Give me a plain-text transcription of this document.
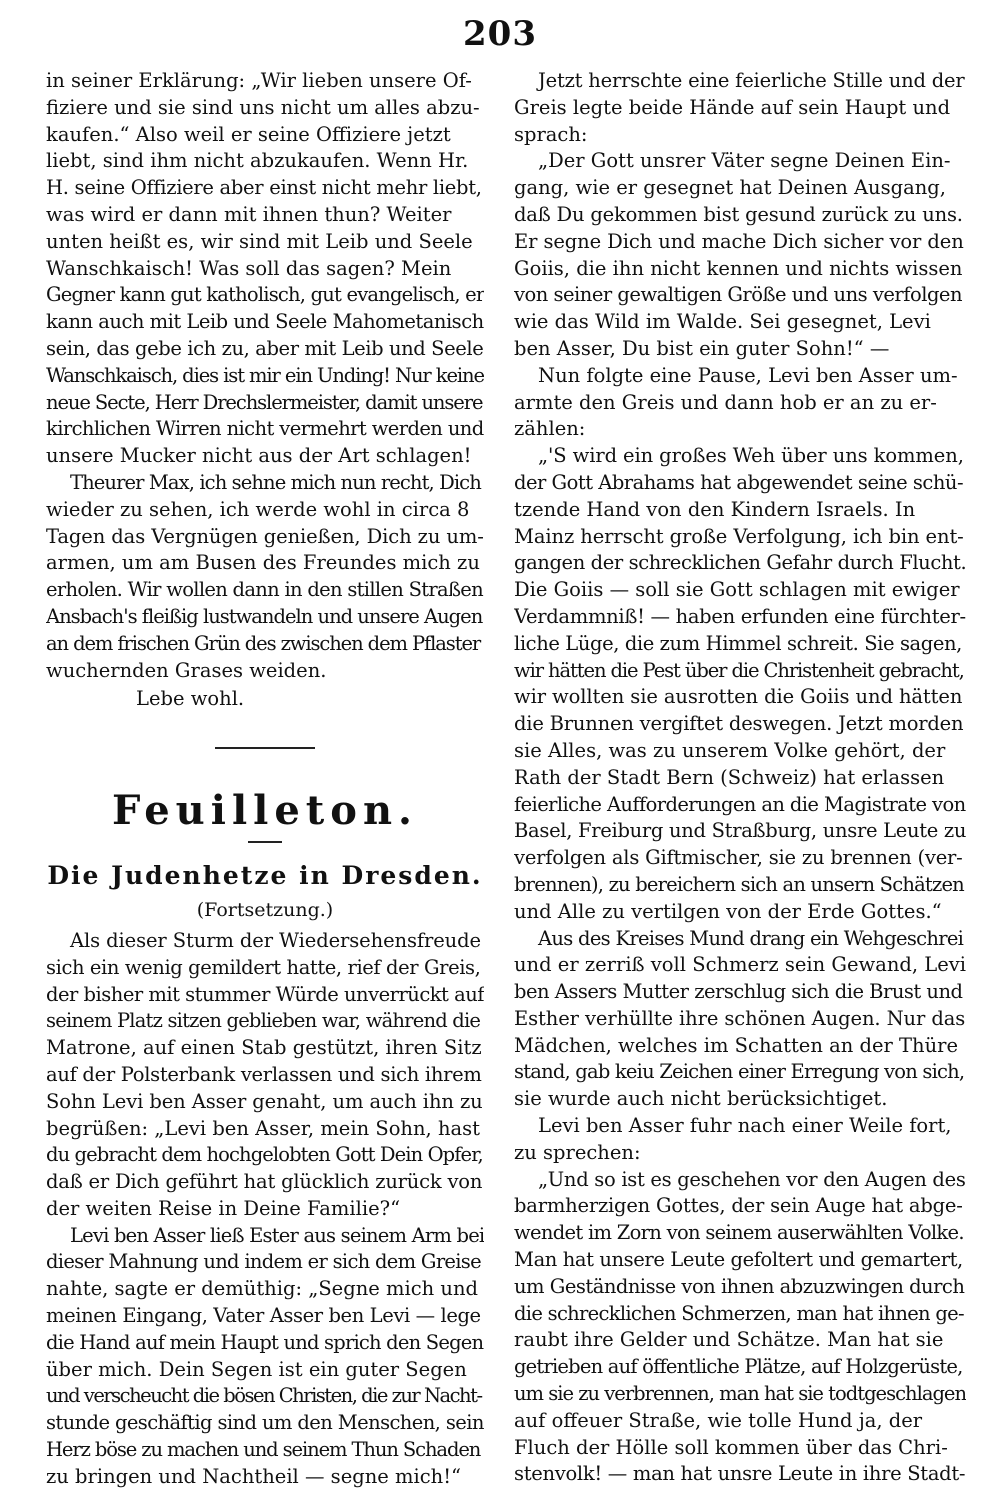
203
in seiner Erklärung: „Wir lieben unsere Of-
fiziere und sie sind uns nicht um alles abzu-
kaufen.“ Also weil er seine Offiziere jetzt
liebt, sind ihm nicht abzukaufen. Wenn Hr.
H. seine Offiziere aber einst nicht mehr liebt,
was wird er dann mit ihnen thun? Weiter
unten heißt es, wir sind mit Leib und Seele
Wanschkaisch! Was soll das sagen? Mein
Gegner kann gut katholisch, gut evangelisch, er
kann auch mit Leib und Seele Mahometanisch
sein, das gebe ich zu, aber mit Leib und Seele
Wanschkaisch, dies ist mir ein Unding! Nur keine
neue Secte, Herr Drechslermeister, damit unsere
kirchlichen Wirren nicht vermehrt werden und
unsere Mucker nicht aus der Art schlagen!
Theurer Max, ich sehne mich nun recht, Dich
wieder zu sehen, ich werde wohl in circa 8
Tagen das Vergnügen genießen, Dich zu um-
armen, um am Busen des Freundes mich zu
erholen. Wir wollen dann in den stillen Straßen
Ansbach's fleißig lustwandeln und unsere Augen
an dem frischen Grün des zwischen dem Pflaster
wuchernden Grases weiden.
Lebe wohl.
Feuilleton.
Die Judenhetze in Dresden.
(Fortsetzung.)
Als dieser Sturm der Wiedersehensfreude
sich ein wenig gemildert hatte, rief der Greis,
der bisher mit stummer Würde unverrückt auf
seinem Platz sitzen geblieben war, während die
Matrone, auf einen Stab gestützt, ihren Sitz
auf der Polsterbank verlassen und sich ihrem
Sohn Levi ben Asser genaht, um auch ihn zu
begrüßen: „Levi ben Asser, mein Sohn, hast
du gebracht dem hochgelobten Gott Dein Opfer,
daß er Dich geführt hat glücklich zurück von
der weiten Reise in Deine Familie?“
Levi ben Asser ließ Ester aus seinem Arm bei
dieser Mahnung und indem er sich dem Greise
nahte, sagte er demüthig: „Segne mich und
meinen Eingang, Vater Asser ben Levi — lege
die Hand auf mein Haupt und sprich den Segen
über mich. Dein Segen ist ein guter Segen
und verscheucht die bösen Christen, die zur Nacht-
stunde geschäftig sind um den Menschen, sein
Herz böse zu machen und seinem Thun Schaden
zu bringen und Nachtheil — segne mich!“
Jetzt herrschte eine feierliche Stille und der
Greis legte beide Hände auf sein Haupt und
sprach:
„Der Gott unsrer Väter segne Deinen Ein-
gang, wie er gesegnet hat Deinen Ausgang,
daß Du gekommen bist gesund zurück zu uns.
Er segne Dich und mache Dich sicher vor den
Goiis, die ihn nicht kennen und nichts wissen
von seiner gewaltigen Größe und uns verfolgen
wie das Wild im Walde. Sei gesegnet, Levi
ben Asser, Du bist ein guter Sohn!“ —
Nun folgte eine Pause, Levi ben Asser um-
armte den Greis und dann hob er an zu er-
zählen:
„'S wird ein großes Weh über uns kommen,
der Gott Abrahams hat abgewendet seine schü-
tzende Hand von den Kindern Israels. In
Mainz herrscht große Verfolgung, ich bin ent-
gangen der schrecklichen Gefahr durch Flucht.
Die Goiis — soll sie Gott schlagen mit ewiger
Verdammniß! — haben erfunden eine fürchter-
liche Lüge, die zum Himmel schreit. Sie sagen,
wir hätten die Pest über die Christenheit gebracht,
wir wollten sie ausrotten die Goiis und hätten
die Brunnen vergiftet deswegen. Jetzt morden
sie Alles, was zu unserem Volke gehört, der
Rath der Stadt Bern (Schweiz) hat erlassen
feierliche Aufforderungen an die Magistrate von
Basel, Freiburg und Straßburg, unsre Leute zu
verfolgen als Giftmischer, sie zu brennen (ver-
brennen), zu bereichern sich an unsern Schätzen
und Alle zu vertilgen von der Erde Gottes.“
Aus des Kreises Mund drang ein Wehgeschrei
und er zerriß voll Schmerz sein Gewand, Levi
ben Assers Mutter zerschlug sich die Brust und
Esther verhüllte ihre schönen Augen. Nur das
Mädchen, welches im Schatten an der Thüre
stand, gab keiu Zeichen einer Erregung von sich,
sie wurde auch nicht berücksichtiget.
Levi ben Asser fuhr nach einer Weile fort,
zu sprechen:
„Und so ist es geschehen vor den Augen des
barmherzigen Gottes, der sein Auge hat abge-
wendet im Zorn von seinem auserwählten Volke.
Man hat unsere Leute gefoltert und gemartert,
um Geständnisse von ihnen abzuzwingen durch
die schrecklichen Schmerzen, man hat ihnen ge-
raubt ihre Gelder und Schätze. Man hat sie
getrieben auf öffentliche Plätze, auf Holzgerüste,
um sie zu verbrennen, man hat sie todtgeschlagen
auf offeuer Straße, wie tolle Hund ja, der
Fluch der Hölle soll kommen über das Chri-
stenvolk! — man hat unsre Leute in ihre Stadt-
